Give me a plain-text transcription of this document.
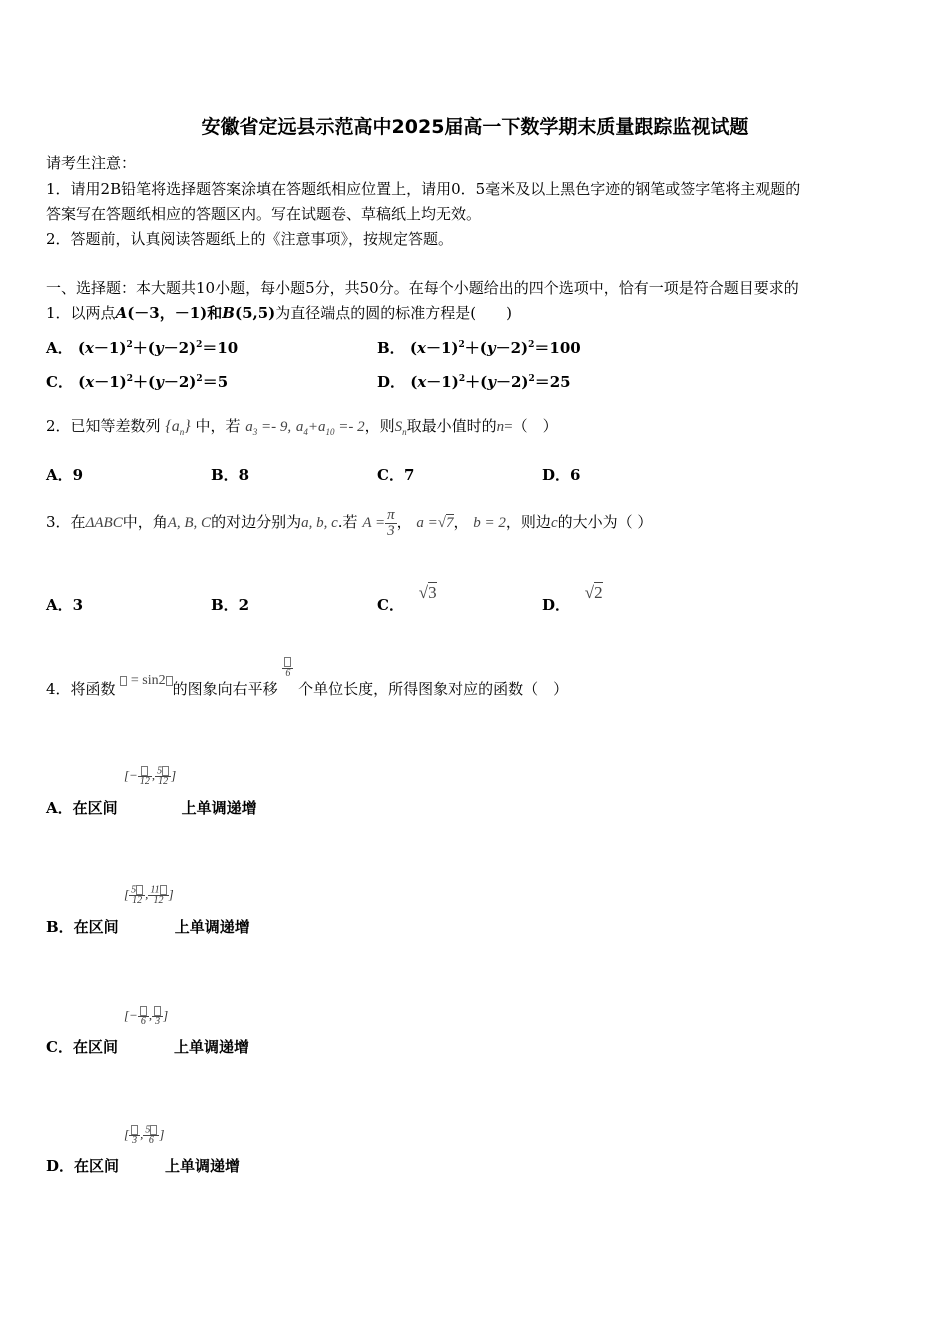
安徽省定远县示范高中2025届高一下数学期末质量跟踪监视试题
请考生注意：
1．请用2B铅笔将选择题答案涂填在答题纸相应位置上，请用0．5毫米及以上黑色字迹的钢笔或签字笔将主观题的
答案写在答题纸相应的答题区内。写在试题卷、草稿纸上均无效。
2．答题前，认真阅读答题纸上的《注意事项》，按规定答题。
一、选择题：本大题共10小题，每小题5分，共50分。在每个小题给出的四个选项中，恰有一项是符合题目要求的
1．以两点A(－3，－1)和B(5,5)为直径端点的圆的标准方程是(　　)
A． $(x-1)^2+(y-2)^2=10$	B． $(x-1)^2+(y-2)^2=100$
C． $(x-1)^2+(y-2)^2=5$	D． $(x-1)^2+(y-2)^2=25$
2．已知等差数列 $\{a_n\}$ 中，若 $a_3 =- 9$, $a_4+a_{10} =- 2$，则$S_n$取最小值时的n=（　）
A．9	B．8	C．7	D．6
3．在ΔABC中，角A, B, C的对边分别为a, b, c.若 $A = \frac{\pi}{3}$ ， a =√7， b = 2，则边c的大小为（ ）
A．3	B．2	C． √3
D． √2
4．将函数 = sin2 的图象向右平移
6
个单位长度，所得图象对应的函数（　）
[− 12 , $\frac{5}{12}$ ]
A．在区间	上单调递增
[ $\frac{5}{12}$ , $\frac{11}{12}$ ]
B．在区间	上单调递增
[− 6 , 3 ]
C．在区间	上单调递增
[ 3 , $\frac{5}{6}$ ]
D．在区间	上单调递增
